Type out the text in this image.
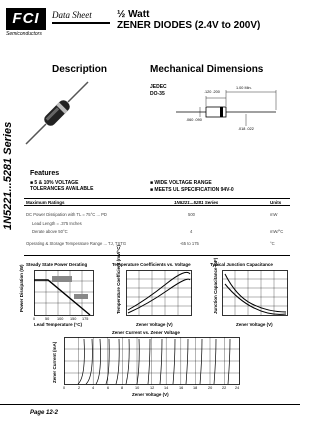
FCI
Semiconductors
Data Sheet	½ Watt
ZENER DIODES (2.4V to 200V)
Description	Mechanical Dimensions
1N5221...5281 Series
JEDEC
DO-35	.120 .200
1.00 Min.
.060 .090
.018 .022
Features
■ 5 & 10% VOLTAGE TOLERANCES AVAILABLE
■ WIDE VOLTAGE RANGE
■ MEETS UL SPECIFICATION 94V-0
Maximum Ratings	1N5221...5281 Series	Units
DC Power Dissipation with TL = 75°C ... PD	500	mW
Lead Length = .375 Inches
Derate above 50°C	4	mW/°C
Operating & Storage Temperature Range ... TJ, TSTG	-65 to 175	°C
Steady State Power Derating
Power Dissipation (W)
0	50 100 150 175
Lead Temperature (°C)
Temperature Coefficients vs. Voltage
Temperature Coefficient (mV/°C)
Zener Voltage (V)
Typical Junction Capacitance
Junction Capacitance (pF)
Zener Voltage (V)
Zener Current vs. Zener Voltage
Zener Current (mA)
0	2	4	6	8	10	12	14	16	18	20	22 24
Zener Voltage (V)
Page 12-2
